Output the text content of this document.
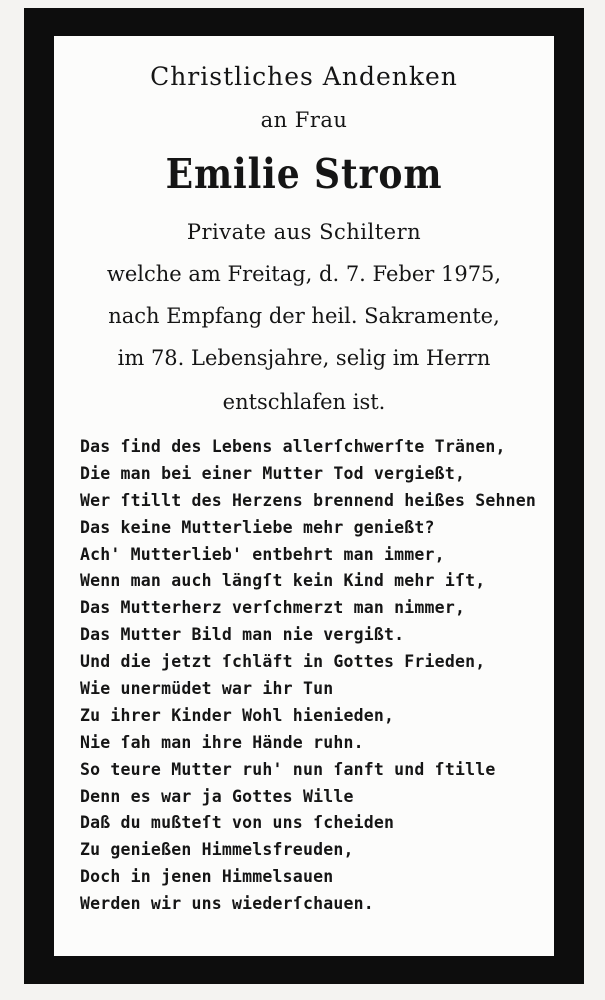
Christliches Andenken
an Frau
Emilie Strom
Private aus Schiltern
welche am Freitag, d. 7. Feber 1975,
nach Empfang der heil. Sakramente,
im 78. Lebensjahre, selig im Herrn
entschlafen ist.
Das ſind des Lebens allerſchwerſte Tränen,
Die man bei einer Mutter Tod vergießt,
Wer ſtillt des Herzens brennend heißes Sehnen
Das keine Mutterliebe mehr genießt?
Ach' Mutterlieb' entbehrt man immer,
Wenn man auch längſt kein Kind mehr iſt,
Das Mutterherz verſchmerzt man nimmer,
Das Mutter Bild man nie vergißt.
Und die jetzt ſchläft in Gottes Frieden,
Wie unermüdet war ihr Tun
Zu ihrer Kinder Wohl hienieden,
Nie ſah man ihre Hände ruhn.
So teure Mutter ruh' nun ſanft und ſtille
Denn es war ja Gottes Wille
Daß du mußteſt von uns ſcheiden
Zu genießen Himmelsfreuden,
Doch in jenen Himmelsauen
Werden wir uns wiederſchauen.
